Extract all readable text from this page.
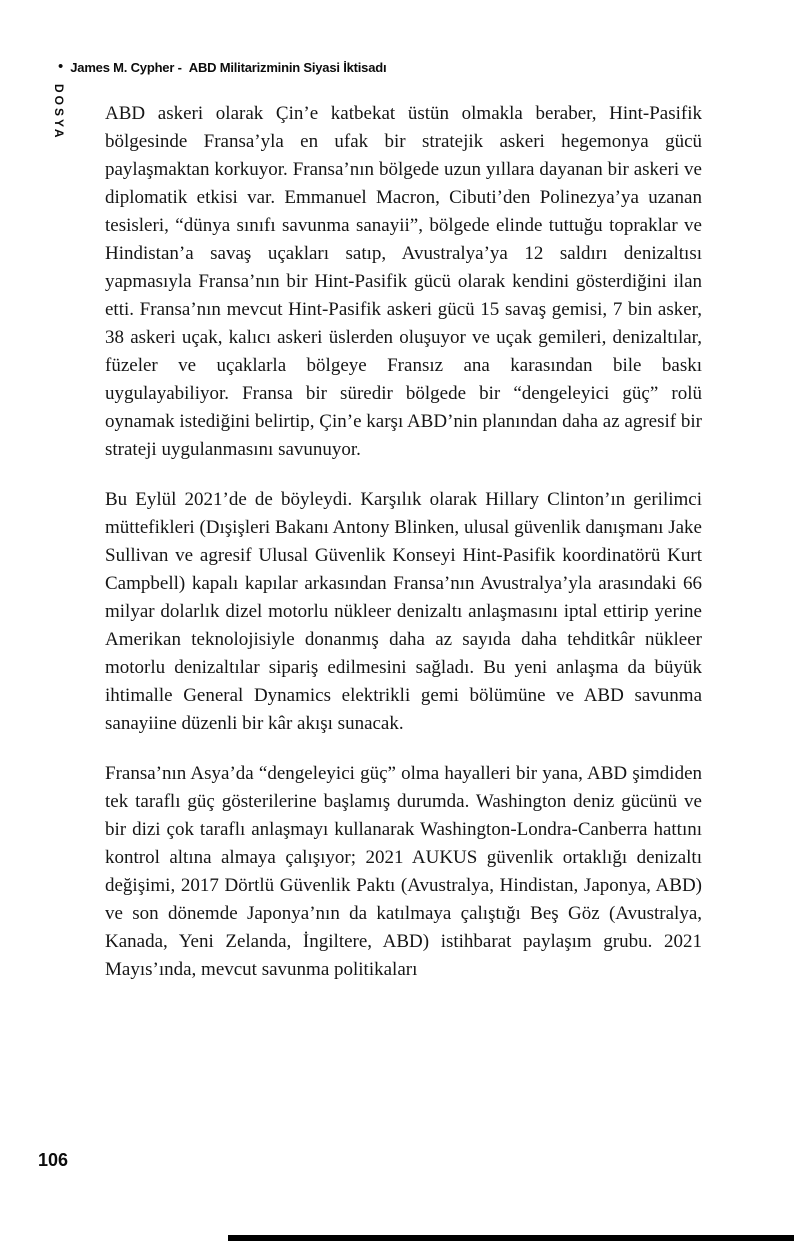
• James M. Cypher - ABD Militarizminin Siyasi İktisadı
DOSYA ABD askeri olarak Çin’e katbekat üstün olmakla beraber, Hint-Pasifik bölgesinde Fransa’yla en ufak bir stratejik askeri hegemonya gücü paylaşmaktan korkuyor. Fransa’nın bölgede uzun yıllara dayanan bir askeri ve diplomatik etkisi var. Emmanuel Macron, Cibuti’den Polinezya’ya uzanan tesisleri, “dünya sınıfı savunma sanayii”, bölgede elinde tuttuğu topraklar ve Hindistan’a savaş uçakları satıp, Avustralya’ya 12 saldırı denizaltısı yapmasıyla Fransa’nın bir Hint-Pasifik gücü olarak kendini gösterdiğini ilan etti. Fransa’nın mevcut Hint-Pasifik askeri gücü 15 savaş gemisi, 7 bin asker, 38 askeri uçak, kalıcı askeri üslerden oluşuyor ve uçak gemileri, denizaltılar, füzeler ve uçaklarla bölgeye Fransız ana karasından bile baskı uygulayabiliyor. Fransa bir süredir bölgede bir “dengeleyici güç” rolü oynamak istediğini belirtip, Çin’e karşı ABD’nin planından daha az agresif bir strateji uygulanmasını savunuyor.

Bu Eylül 2021’de de böyleydi. Karşılık olarak Hillary Clinton’ın gerilimci müttefikleri (Dışişleri Bakanı Antony Blinken, ulusal güvenlik danışmanı Jake Sullivan ve agresif Ulusal Güvenlik Konseyi Hint-Pasifik koordinatörü Kurt Campbell) kapalı kapılar arkasından Fransa’nın Avustralya’yla arasındaki 66 milyar dolarlık dizel motorlu nükleer denizaltı anlaşmasını iptal ettirip yerine Amerikan teknolojisiyle donanmış daha az sayıda daha tehditkâr nükleer motorlu denizaltılar sipariş edilmesini sağladı. Bu yeni anlaşma da büyük ihtimalle General Dynamics elektrikli gemi bölümüne ve ABD savunma sanayiine düzenli bir kâr akışı sunacak.

Fransa’nın Asya’da “dengeleyici güç” olma hayalleri bir yana, ABD şimdiden tek taraflı güç gösterilerine başlamış durumda. Washington deniz gücünü ve bir dizi çok taraflı anlaşmayı kullanarak Washington-Londra-Canberra hattını kontrol altına almaya çalışıyor; 2021 AUKUS güvenlik ortaklığı denizaltı değişimi, 2017 Dörtlü Güvenlik Paktı (Avustralya, Hindistan, Japonya, ABD) ve son dönemde Japonya’nın da katılmaya çalıştığı Beş Göz (Avustralya, Kanada, Yeni Zelanda, İngiltere, ABD) istihbarat paylaşım grubu. 2021 Mayıs’ında, mevcut savunma politikaları

106
